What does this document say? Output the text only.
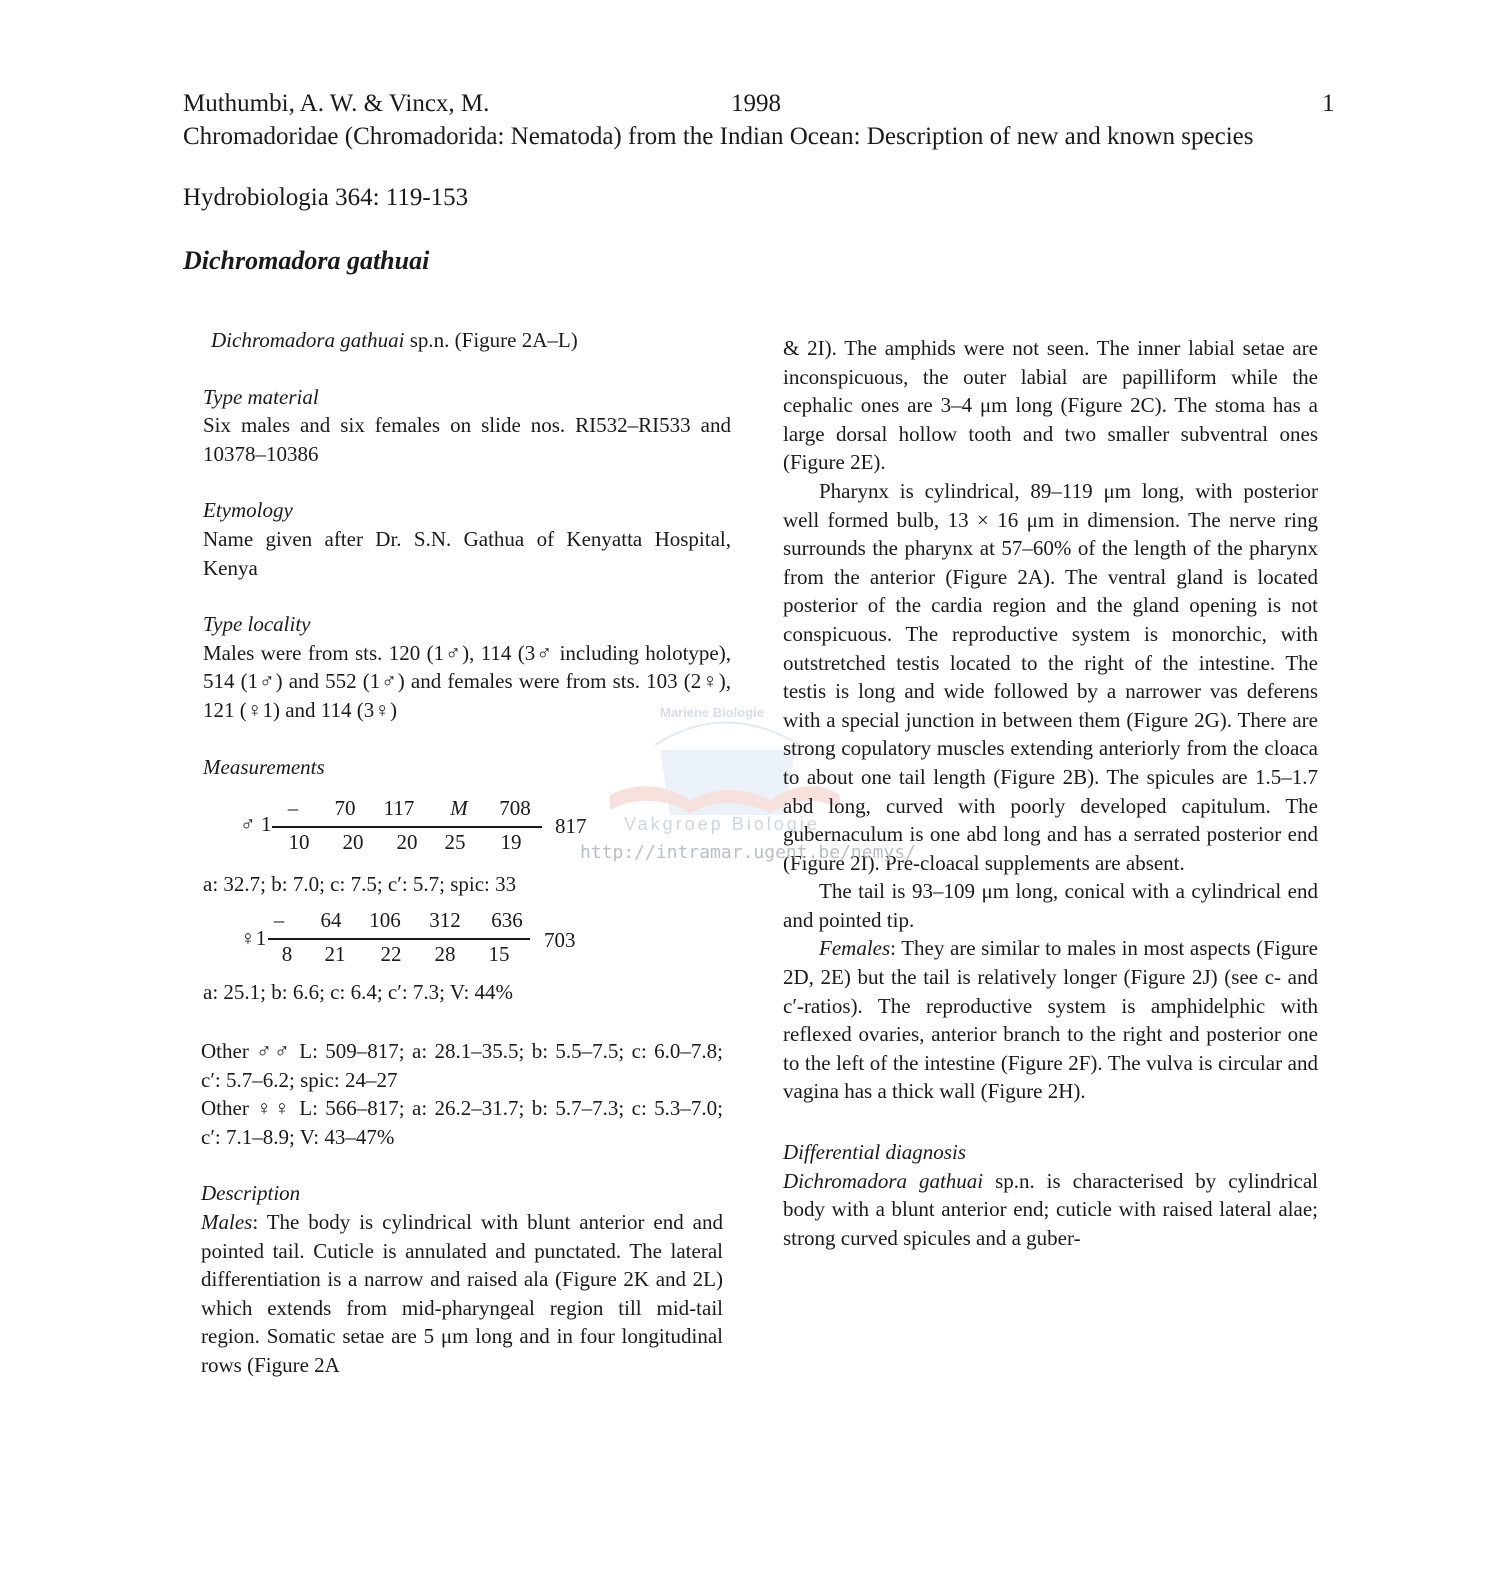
Muthumbi, A. W. & Vincx, M.	1998	1
Chromadoridae (Chromadorida: Nematoda) from the Indian Ocean: Description of new and known species
Hydrobiologia 364: 119-153
Dichromadora gathuai
Mariene Biologie
Vakgroep Biologie

Dichromadora gathuai sp.n. (Figure 2A–L)

Type material

Six males and six females on slide nos. RI532–RI533 and 10378–10386

Etymology

Name given after Dr. S.N. Gathua of Kenyatta Hospital, Kenya

Type locality

Males were from sts. 120 (1♂), 114 (3♂ including holotype), 514 (1♂) and 552 (1♂) and females were from sts. 103 (2♀), 121 (♀1) and 114 (3♀)

Measurements

♂ 1
–	70	117	M	708
10	20	20	25	19
817
a: 32.7; b: 7.0; c: 7.5; c′: 5.7; spic: 33
♀1
–	64	106	312	636
8	21	22	28	15
703
a: 25.1; b: 6.6; c: 6.4; c′: 7.3; V: 44%

Other ♂♂ L: 509–817; a: 28.1–35.5; b: 5.5–7.5; c: 6.0–7.8; c′: 5.7–6.2; spic: 24–27

Other ♀♀ L: 566–817; a: 26.2–31.7; b: 5.7–7.3; c: 5.3–7.0; c′: 7.1–8.9; V: 43–47%

Description

Males: The body is cylindrical with blunt anterior end and pointed tail. Cuticle is annulated and punctated. The lateral differentiation is a narrow and raised ala (Figure 2K and 2L) which extends from mid-pharyngeal region till mid-tail region. Somatic setae are 5 μm long and in four longitudinal rows (Figure 2A

& 2I). The amphids were not seen. The inner labial setae are inconspicuous, the outer labial are papilliform while the cephalic ones are 3–4 μm long (Figure 2C). The stoma has a large dorsal hollow tooth and two smaller subventral ones (Figure 2E).

Pharynx is cylindrical, 89–119 μm long, with posterior well formed bulb, 13 × 16 μm in dimension. The nerve ring surrounds the pharynx at 57–60% of the length of the pharynx from the anterior (Figure 2A). The ventral gland is located posterior of the cardia region and the gland opening is not conspicuous. The reproductive system is monorchic, with outstretched testis located to the right of the intestine. The testis is long and wide followed by a narrower vas deferens with a special junction in between them (Figure 2G). There are strong copulatory muscles extending anteriorly from the cloaca to about one tail length (Figure 2B). The spicules are 1.5–1.7 abd long, curved with poorly developed capitulum. The gubernaculum is one abd long and has a serrated posterior end (Figure 2I). Pre-cloacal supplements are absent.

The tail is 93–109 μm long, conical with a cylindrical end and pointed tip.

Females: They are similar to males in most aspects (Figure 2D, 2E) but the tail is relatively longer (Figure 2J) (see c- and c′-ratios). The reproductive system is amphidelphic with reflexed ovaries, anterior branch to the right and posterior one to the left of the intestine (Figure 2F). The vulva is circular and vagina has a thick wall (Figure 2H).

Differential diagnosis

Dichromadora gathuai sp.n. is characterised by cylindrical body with a blunt anterior end; cuticle with raised lateral alae; strong curved spicules and a guber-

http://intramar.ugent.be/nemys/
